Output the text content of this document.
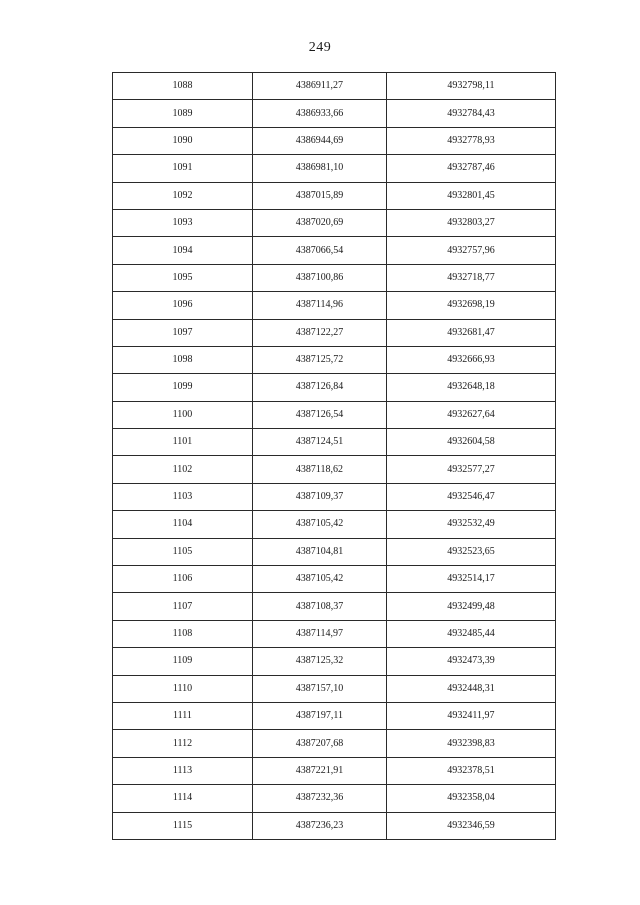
249
1088	4386911,27	4932798,11
1089	4386933,66	4932784,43
1090	4386944,69	4932778,93
1091	4386981,10	4932787,46
1092	4387015,89	4932801,45
1093	4387020,69	4932803,27
1094	4387066,54	4932757,96
1095	4387100,86	4932718,77
1096	4387114,96	4932698,19
1097	4387122,27	4932681,47
1098	4387125,72	4932666,93
1099	4387126,84	4932648,18
1100	4387126,54	4932627,64
1101	4387124,51	4932604,58
1102	4387118,62	4932577,27
1103	4387109,37	4932546,47
1104	4387105,42	4932532,49
1105	4387104,81	4932523,65
1106	4387105,42	4932514,17
1107	4387108,37	4932499,48
1108	4387114,97	4932485,44
1109	4387125,32	4932473,39
1110	4387157,10	4932448,31
1111	4387197,11	4932411,97
1112	4387207,68	4932398,83
1113	4387221,91	4932378,51
1114	4387232,36	4932358,04
1115	4387236,23	4932346,59
